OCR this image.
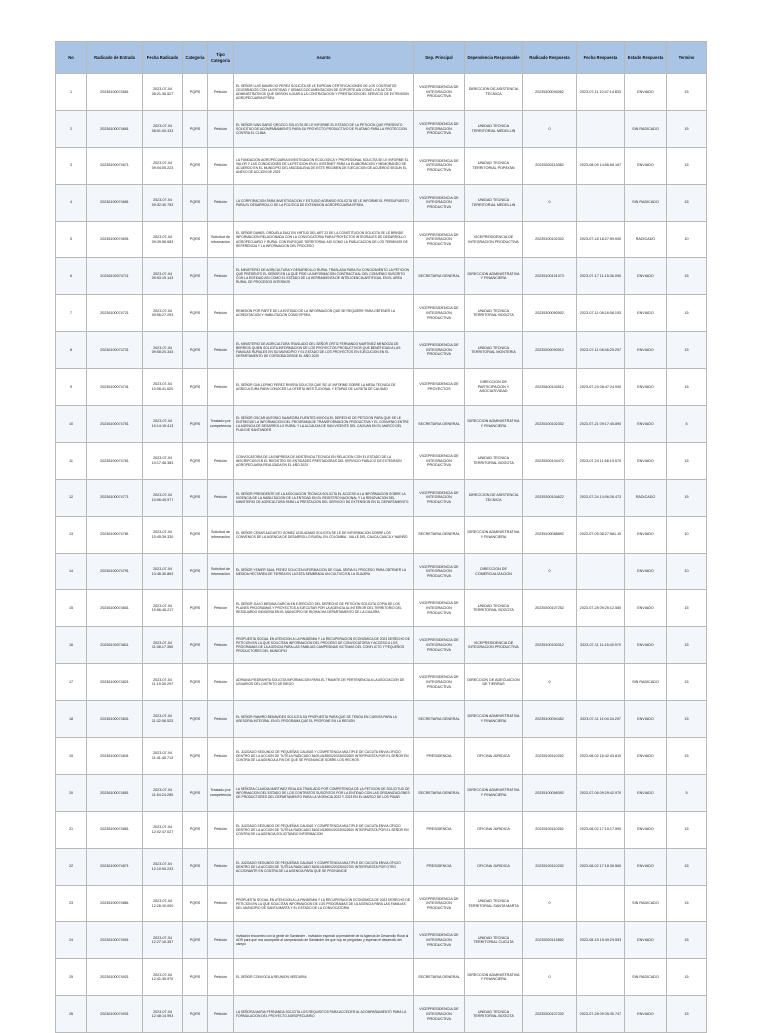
No	Radicado de Entrada	Fecha Radicado	Categoria	Tipo Categoria	Asunto	Dep. Principal	Dependencia Responsable	Radicado Respuesta	Fecha Respuesta	Estado Respuesta	Termino
1	20236100074661	2023-07-04 08:21:36.527	PQRS	Petición	EL SEÑOR LUIS MAURICIO PEREZ SOLICITA SE LE EXPIDAN CERTIFICACIONES DE LOS CONTRATOS CELEBRADOS CON LA ENTIDAD Y DEMAS DOCUMENTACION DE SOPORTE ASI COMO LOS ACTOS ADMINISTRATIVOS QUE DIERON LUGAR A LA CONTRATACION Y PRESTACION DEL SERVICIO DE EXTENSION AGROPECUARIA EPSEA	VICEPRESIDENCIA DE INTEGRACION PRODUCTIVA	DIRECCION DE ASISTENCIA TECNICA	20235300094062	2023-07-11 10:47:14.833	ENVIADO	15
2	20236100074661	2023-07-04 08:51:00.333	PQRS	Petición	EL SEÑOR IVAN DARIO OROZCO SOLICITA SE LE INFORME EL ESTADO DE LA PETICION QUE PRESENTO SOLICITUD DE ACOMPAÑAMIENTO PARA SU PROYECTO PRODUCTIVO DE PLATANO PARA LA PROTECCION CONTRA EL CLIMA	VICEPRESIDENCIA DE INTEGRACION PRODUCTIVA	UNIDAD TECNICA TERRITORIAL MEDELLIN	0		SIN RADICADO	15
3	20236100074671	2023-07-04 09:04:05.223	PQRS	Petición	LA FUNDACION AGROPECUARIA INVESTIGACION ECOLOGICA Y PROFESIONAL SOLICITA SE LE INFORME EL VALOR Y LAS CONDICIONES DE LA PETICION EN EL INTERNET PARA LA ELABORACION Y MEMORANDO DE ACUERDO EN EL MUNICIPIO DEL MAGDALENA DE ESTE REGIMEN DE EJECUCION DE ACUERDO SEGUN EL ANEXO DE ACCION DE 2023	VICEPRESIDENCIA DE INTEGRACION PRODUCTIVA	UNIDAD TECNICA TERRITORIAL POPAYAN	20235300113082	2023-08-09 14:56:08.167	ENVIADO	15
4	20236100074681	2023-07-04 09:32:30.753	PQRS	Petición	LA CORPORACION PARA INVESTIGACION Y ESTUDIO AGRARIO SOLICITA SE LE INFORME EL PRESUPUESTO PARA EL DESARROLLO DE LA POLITICA DE EXTENSION AGROPECUARIA EPSEA	VICEPRESIDENCIA DE INTEGRACION PRODUCTIVA	UNIDAD TECNICA TERRITORIAL MEDELLIN	0		SIN RADICADO	15
5	20236100074691	2023-07-04 09:39:56.083	PQRS	Solicitud de información	EL SEÑOR DANIEL ORDUELA DIAZ EN VIRTUD DEL ART 23 DE LA CONSTITUCION SOLICITA SE LE BRINDE INFORMACION RELACIONADA CON LA CONVOCATORIA PARA PROYECTOS INTEGRALES DE DESARROLLO AGROPECUARIO Y RURAL CON ENFOQUE TERRITORIAL ASI COMO LA PUBLICACION DE LOS TERMINOS DE REFERENCIA Y LA INFORMACION DEL PROCESO	VICEPRESIDENCIA DE INTEGRACION PRODUCTIVA	VICEPRESIDENCIA DE INTEGRACION PRODUCTIVA	20235100102302	2023-07-18 18:27:59.000	RADICADO	10
6	20236100074711	2023-07-04 09:53:19.143	PQRS	Petición	EL MINISTERIO DE AGRICULTURA Y DESARROLLO RURAL TRASLADA PARA SU CONOCIMIENTO LA PETICION QUE PRESENTO EL SEÑOR EN LA QUE PIDE LA INFORMACION CONTRACTUAL DEL CONVENIO SUSCRITO CON LA ENTIDAD ASI COMO EL ESTADO DE LA HERRAMIENTA DE INTELIGENCIA ARTIFICIAL EN EL AREA RURAL DE PROCESOS INTERNOS	SECRETARIA GENERAL	DIRECCION ADMINISTRATIVA Y FINANCIERA	20235100101073	2023-07-17 11:15:36.090	ENVIADO	15
7	20236100074721	2023-07-04 09:56:27.293	PQRS	Petición	REMISION POR PARTE DE LA ENTIDAD DE LA INFORMACION QUE SE REQUIERE PARA OBTENER LA ACREDITACION Y HABILITACION COMO EPSEA	VICEPRESIDENCIA DE INTEGRACION PRODUCTIVA	UNIDAD TECNICA TERRITORIAL BOGOTA	20235300090502	2023-07-11 08:16:08.193	ENVIADO	15
8	20236100074731	2023-07-04 09:58:20.343	PQRS	Petición	EL MINISTERIO DE AGRICULTURA TRASLADO DEL SEÑOR ORTIZ FERNANDO MARTINEZ MENDOZA DE BERRIOS QUIEN SOLICITA INFORMACION DE LOS PROYECTOS PRODUCTIVOS QUE BENEFICIAN A LAS FAMILIAS RURALES EN SU MUNICIPIO Y EL ESTADO DE LOS PROYECTOS EN EJECUCION EN EL DEPARTAMENTO DE CORDOBA DESDE EL AÑO 2020	VICEPRESIDENCIA DE INTEGRACION PRODUCTIVA	UNIDAD TECNICA TERRITORIAL MONTERIA	20235300090512	2023-07-11 08:46:25.257	ENVIADO	15
9	20236100074741	2023-07-04 10:06:41.620	PQRS	Petición	EL SEÑOR GUILLERMO PEREZ RIVERA SOLICITA QUE SE LE INFORME SOBRE LA MESA TECNICA DE AGRICULTURA PARA CONOCER LA OFERTA INSTITUCIONAL Y ETAPAS DE LA RUTA DE CALIDAD	VICEPRESIDENCIA DE PROYECTOS	DIRECCION DE PARTICIPACION Y ASOCIATIVIDAD	20235400104512	2023-07-24 08:47:24.000	ENVIADO	15
10	20236100074751	2023-07-04 10:14:19.413	PQRS	Traslado por competencia	EL SEÑOR OSCAR ANTONIO SAAVEDRA FUENTES INVOCA EL DERECHO DE PETICION PARA QUE SE LE ENTREGUE LA INFORMACION DEL PROGRAMA DE TRANSFORMACION PRODUCTIVA Y EL CONVENIO ENTRE LA AGENCIA DE DESARROLLO RURAL Y LA ALCALDIA DE SAN VICENTE DEL CAGUAN EN EL MARCO DEL PLAN DE SANTANDER	SECRETARIA GENERAL	DIRECCION ADMINISTRATIVA Y FINANCIERA	20235100102302	2023-07-21 09:17:45.890	ENVIADO	5
11	20236100074761	2023-07-04 10:17:46.383	PQRS	Petición	CONVOCATORIA DE LA EMPRESA DE ASISTENCIA TECNICA EN RELACION CON EL ESTADO DE LA INSCRIPCION EN EL REGISTRO DE ENTIDADES PRESTADORAS DEL SERVICIO PUBLICO DE EXTENSION AGROPECUARIA REALIZADA EN EL AÑO 2023	VICEPRESIDENCIA DE INTEGRACION PRODUCTIVA	UNIDAD TECNICA TERRITORIAL BOGOTA	20235300104472	2023-07-24 11:56:19.570	ENVIADO	15
12	20236100074771	2023-07-04 10:06:49.977	PQRS	Petición	EL SEÑOR PRESIDENTE DE LA ASOCIACION TECNICA SOLICITA EL ACCESO A LA INFORMACION SOBRE LA VIGENCIA DE LA HABILITACION DE LA ENTIDAD EN EL REGISTRO NACIONAL Y LA RENOVACION DEL MINISTERIO DE AGRICULTURA PARA LA PRESTACION DEL SERVICIO DE EXTENSION EN EL DEPARTAMENTO	VICEPRESIDENCIA DE INTEGRACION PRODUCTIVA	DIRECCION DE ASISTENCIA TECNICA	20235300104622	2023-07-24 14:06:26.473	RADICADO	15
13	20236100074781	2023-07-04 10:45:39.330	PQRS	Solicitud de información	EL SEÑOR CESAR AUGUSTO GOMEZ LEGUIZAMO SOLICITA SE LE DE INFORMACION SOBRE LOS CONVENIOS DE LA AGENCIA DE DESARROLLO RURAL EN COLOMBIA - VALLE DEL CAUCA CAUCA Y NARIÑO	SECRETARIA GENERAL	DIRECCION ADMINISTRATIVA Y FINANCIERA	20235100088892	2023-07-05 08:27:581.10	ENVIADO	10
14	20236100074791	2023-07-04 10:46:30.863	PQRS	Solicitud de información	EL SEÑOR YENIER SAUL PEREZ SOLICITA INFORMACION DE CUAL SERIA EL PROCESO PARA OBTENER LA MEDIDA HECTAREA DE TIERRA EN LA ESTA SEMBRADA UN CULTIVO EN LA GUAJIRA	VICEPRESIDENCIA DE INTEGRACION PRODUCTIVA	DIRECCION DE COMERCIALIZACION	0		ENVIADO	10
15	20236100074801	2023-07-04 10:56:48.217	PQRS	Petición	EL SEÑOR JULIO MEDINA GARCIA EN EJERCICIO DEL DERECHO DE PETICION SOLICITA COPIA DE LOS PLANES PROGRAMAS Y PROYECTOS A EJECUTAR POR LA AGENCIA AL INTERIOR DEL TERRITORIO DEL RESGUARDO INDIGENA EN EL MUNICIPIO DE RIOHACHA DEPARTAMENTO DE LA GUAJIRA	VICEPRESIDENCIA DE INTEGRACION PRODUCTIVA	UNIDAD TECNICA TERRITORIAL BOGOTA	20235300107252	2023-07-28 09:25:12.550	ENVIADO	15
16	20236100074811	2023-07-04 11:08:17.350	PQRS	Petición	PROPUESTA SOCIAL EN ATENCION A LA PANDEMIA Y LA RECUPERACION ECONOMICA DE 2023 DERECHO DE PETICION EN LA QUE SOLICITAN INFORMACION DEL PROCESO DE CONVOCATORIA Y ACCESO A LOS PROGRAMAS DE LA AGENCIA PARA LAS FAMILIAS CAMPESINAS VICTIMAS DEL CONFLICTO Y PEQUEÑOS PRODUCTORES DEL MUNICIPIO	VICEPRESIDENCIA DE INTEGRACION PRODUCTIVA	VICEPRESIDENCIA DE INTEGRACION PRODUCTIVA	20235100100312	2023-07-11 11:15:40.970	ENVIADO	15
17	20236100074821	2023-07-04 11:19:30.297	PQRS	Petición	ADRIANA PIEDRAHITA SOLICITA INFORMACION PARA EL TRAMITE DE PERTENENCIA A LA ASOCIACION DE USUARIOS DEL DISTRITO DE RIEGO	VICEPRESIDENCIA DE INTEGRACION PRODUCTIVA	DIRECCION DE ADECUACION DE TIERRAS	0		SIN RADICADO	15
18	20236100074831	2023-07-04 11:32:08.523	PQRS	Petición	EL SEÑOR RAMIRO BENAVIDES SOLICITA SU PROPUESTA PARA QUE SE TENGA EN CUENTA PARA LA ASESORIA INTEGRAL EN EL PROGRAMA QUE EL PROPONE EN LA REGION	SECRETARIA GENERAL	DIRECCION ADMINISTRATIVA Y FINANCIERA	20235100094452	2023-07-11 11:04:34.207	ENVIADO	15
19	20236100074841	2023-07-04 11:41:45.713	PQRS	Petición	EL JUZGADO SEGUNDO DE PEQUEÑAS CAUSAS Y COMPETENCIA MULTIPLE DE CUCUTA ENVIA OFICIO DENTRO DE LA ACCION DE TUTELA RADICADO 54001418900220230022600 INTERPUESTA POR EL SEÑOR EN CONTRA DE LA AGENCIA A FIN DE QUE SE PRONUNCIE SOBRE LOS HECHOS	PRESIDENCIA	OFICINA JURIDICA	20235100110252	2023-08-02 16:42:43.810	ENVIADO	15
20	20236100074851	2023-07-04 11:54:24.280	PQRS	Traslado por competencia	LA SEÑORA CLAUDIA MARTINEZ REALIZA TRASLADO POR COMPETENCIA DE LA PETICION DE SOLICITUD DE INFORMACION DEL ESTADO DE LOS CONTRATOS SUSCRITOS POR LA ENTIDAD CON LAS ORGANIZACIONES DE PRODUCTORES DEL DEPARTAMENTO PARA LA VIGENCIA 2022 Y 2023 EN EL MARCO DE LOS PIDAR	SECRETARIA GENERAL	DIRECCION ADMINISTRATIVA Y FINANCIERA	20235100098392	2023-07-06 09:29:42.970	ENVIADO	5
21	20236100074861	2023-07-04 12:02:47.027	PQRS	Petición	EL JUZGADO SEGUNDO DE PEQUEÑAS CAUSAS Y COMPETENCIA MULTIPLE DE CUCUTA ENVIA OFICIO DENTRO DE LA ACCION DE TUTELA RADICADO 54001418900220230022600 INTERPUESTA POR EL SEÑOR EN CONTRA DE LA AGENCIA SOLICITANDO INFORMACION	PRESIDENCIA	OFICINA JURIDICA	20235100110262	2023-08-02 17:10:17.590	ENVIADO	15
22	20236100074871	2023-07-04 12:10:50.233	PQRS	Petición	EL JUZGADO SEGUNDO DE PEQUEÑAS CAUSAS Y COMPETENCIA MULTIPLE DE CUCUTA ENVIA OFICIO DENTRO DE LA ACCION DE TUTELA RADICADO 54001418900220230022700 INTERPUESTA POR OTRO ACCIONANTE EN CONTRA DE LA AGENCIA PARA QUE SE PRONUNCIE	PRESIDENCIA	OFICINA JURIDICA	20235100110292	2023-08-02 17:18:36.560	ENVIADO	15
23	20236100074881	2023-07-04 12:26:10.000	PQRS	Petición	PROPUESTA SOCIAL EN ATENCION A LA PANDEMIA Y LA RECUPERACION ECONOMICA DE 2023 DERECHO DE PETICION EN LA QUE SOLICITAN INFORMACION DE LOS PROGRAMAS DE LA AGENCIA PARA LAS FAMILIAS DEL MUNICIPIO DE SANTA MARTA Y EL ESTADO DE LA CONVOCATORIA	VICEPRESIDENCIA DE INTEGRACION PRODUCTIVA	UNIDAD TECNICA TERRITORIAL SANTA MARTA	0		SIN RADICADO	15
24	20236100074901	2023-07-04 12:27:10.357	PQRS	Petición	Invitación encuentro con la gente de Santander - Invitación especial al presidente de la Agencia de Desarrollo Rural al ADR para que nos acompañe al campesinado de Santander los que hoy se preguntan y esperan el desarrollo del campo	VICEPRESIDENCIA DE INTEGRACION PRODUCTIVA	UNIDAD TECNICA TERRITORIAL CUCUTA	20235300113852	2023-08-15 15:49:29.553	ENVIADO	15
25	20236100074921	2023-07-04 12:41:35.970	PQRS	Petición	EL SEÑOR CONVOCA A REUNION VEEDURIA	SECRETARIA GENERAL	DIRECCION ADMINISTRATIVA Y FINANCIERA	0		SIN RADICADO	15
26	20236100074931	2023-07-04 12:48:14.993	PQRS	Petición	LA SEÑORA MARIA FERNANDA SOLICITA LOS REQUISITOS PARA ACCEDER AL ACOMPAÑAMIENTO PARA LA FORMULACION DEL PROYECTO AGROPECUARIO	VICEPRESIDENCIA DE INTEGRACION PRODUCTIVA	UNIDAD TECNICA TERRITORIAL BOGOTA	20235300107202	2023-07-28 09:35:30.747	ENVIADO	15
